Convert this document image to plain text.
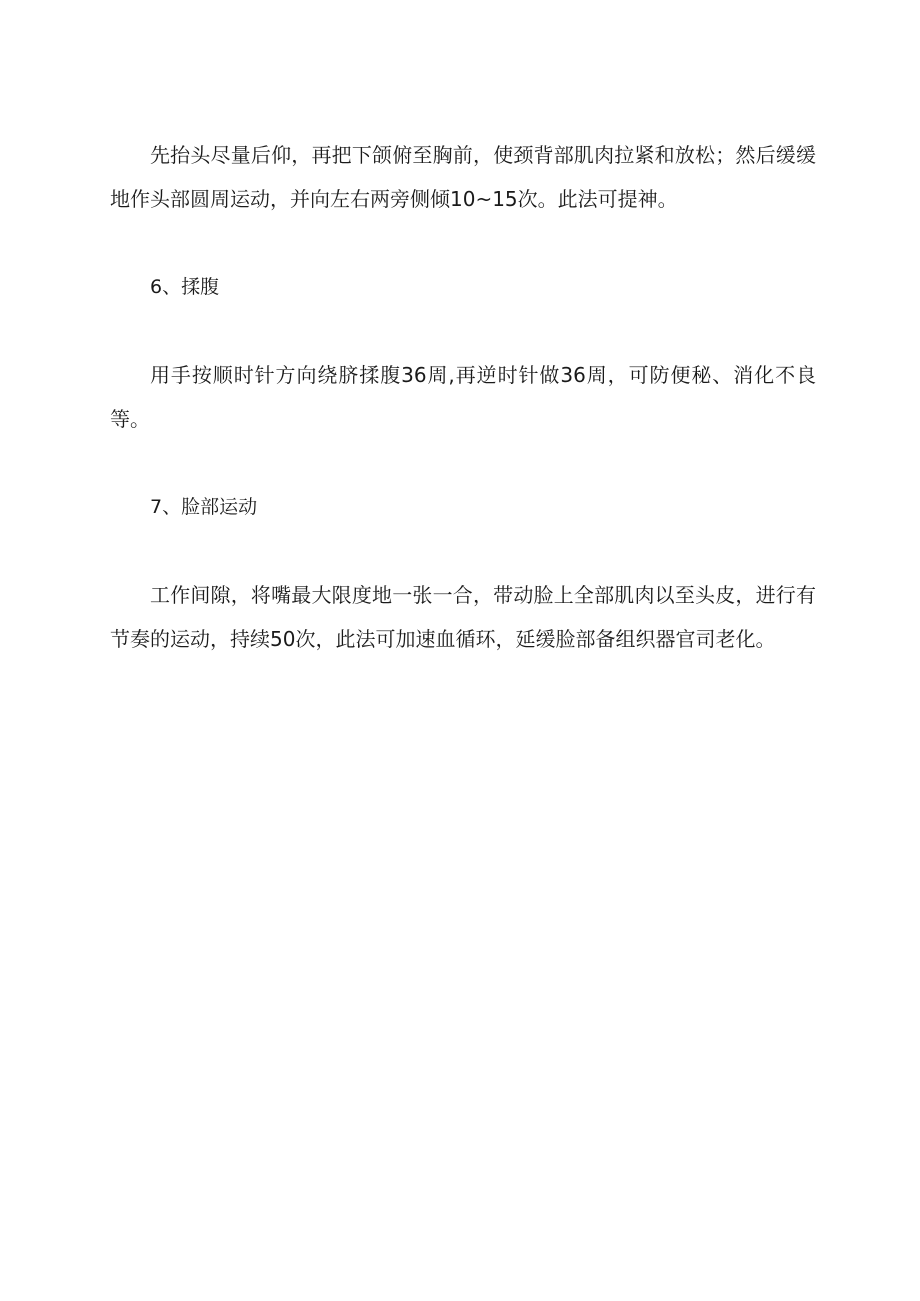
先抬头尽量后仰，再把下颌俯至胸前，使颈背部肌肉拉紧和放松；然后缓缓地作头部圆周运动，并向左右两旁侧倾10~15次。此法可提神。

6、揉腹

用手按顺时针方向绕脐揉腹36周,再逆时针做36周，可防便秘、消化不良等。

7、脸部运动

工作间隙，将嘴最大限度地一张一合，带动脸上全部肌肉以至头皮，进行有节奏的运动，持续50次，此法可加速血循环，延缓脸部备组织器官司老化。
